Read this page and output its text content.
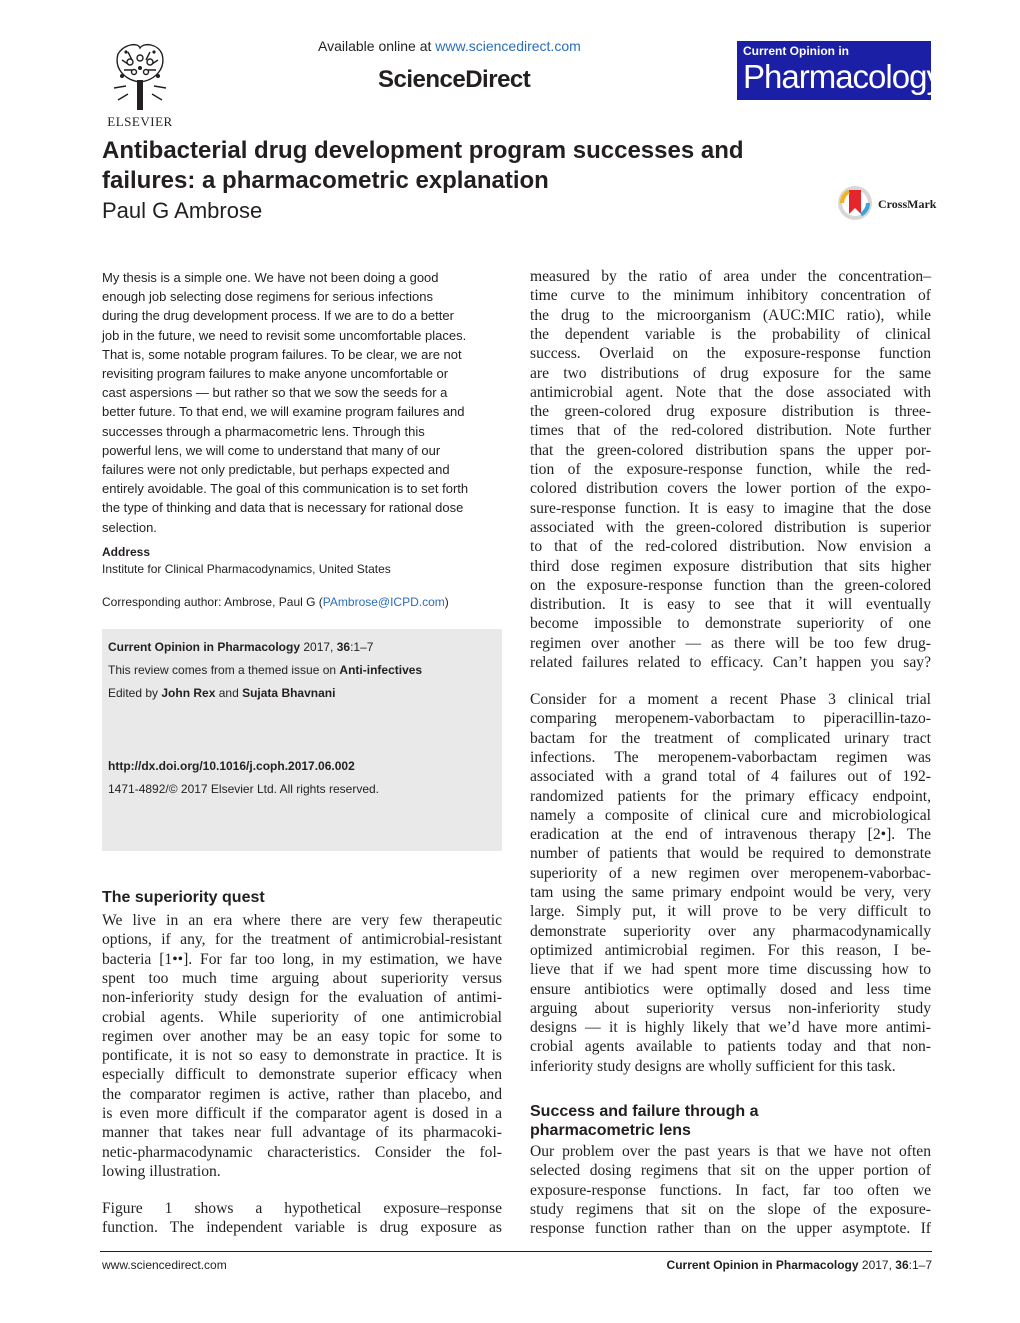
ELSEVIER
Available online at www.sciencedirect.com
ScienceDirect
Current Opinion in
Pharmacology
Antibacterial drug development program successes and
failures: a pharmacometric explanation
Paul G Ambrose	CrossMark
My thesis is a simple one. We have not been doing a good
enough job selecting dose regimens for serious infections
during the drug development process. If we are to do a better
job in the future, we need to revisit some uncomfortable places.
That is, some notable program failures. To be clear, we are not
revisiting program failures to make anyone uncomfortable or
cast aspersions — but rather so that we sow the seeds for a
better future. To that end, we will examine program failures and
successes through a pharmacometric lens. Through this
powerful lens, we will come to understand that many of our
failures were not only predictable, but perhaps expected and
entirely avoidable. The goal of this communication is to set forth
the type of thinking and data that is necessary for rational dose
selection.
Address
Institute for Clinical Pharmacodynamics, United States
Corresponding author: Ambrose, Paul G (PAmbrose@ICPD.com)
Current Opinion in Pharmacology 2017, 36:1–7
This review comes from a themed issue on Anti-infectives
Edited by John Rex and Sujata Bhavnani
http://dx.doi.org/10.1016/j.coph.2017.06.002
1471-4892/© 2017 Elsevier Ltd. All rights reserved.
The superiority quest
We live in an era where there are very few therapeutic
options, if any, for the treatment of antimicrobial-resistant
bacteria [1••]. For far too long, in my estimation, we have
spent too much time arguing about superiority versus
non-inferiority study design for the evaluation of antimi-
crobial agents. While superiority of one antimicrobial
regimen over another may be an easy topic for some to
pontificate, it is not so easy to demonstrate in practice. It is
especially difficult to demonstrate superior efficacy when
the comparator regimen is active, rather than placebo, and
is even more difficult if the comparator agent is dosed in a
manner that takes near full advantage of its pharmacoki-
netic-pharmacodynamic characteristics. Consider the fol-
lowing illustration.
Figure 1 shows a hypothetical exposure–response
function. The independent variable is drug exposure as
measured by the ratio of area under the concentration–
time curve to the minimum inhibitory concentration of
the drug to the microorganism (AUC:MIC ratio), while
the dependent variable is the probability of clinical
success. Overlaid on the exposure-response function
are two distributions of drug exposure for the same
antimicrobial agent. Note that the dose associated with
the green-colored drug exposure distribution is three-
times that of the red-colored distribution. Note further
that the green-colored distribution spans the upper por-
tion of the exposure-response function, while the red-
colored distribution covers the lower portion of the expo-
sure-response function. It is easy to imagine that the dose
associated with the green-colored distribution is superior
to that of the red-colored distribution. Now envision a
third dose regimen exposure distribution that sits higher
on the exposure-response function than the green-colored
distribution. It is easy to see that it will eventually
become impossible to demonstrate superiority of one
regimen over another — as there will be too few drug-
related failures related to efficacy. Can’t happen you say?
Consider for a moment a recent Phase 3 clinical trial
comparing meropenem-vaborbactam to piperacillin-tazo-
bactam for the treatment of complicated urinary tract
infections. The meropenem-vaborbactam regimen was
associated with a grand total of 4 failures out of 192-
randomized patients for the primary efficacy endpoint,
namely a composite of clinical cure and microbiological
eradication at the end of intravenous therapy [2•]. The
number of patients that would be required to demonstrate
superiority of a new regimen over meropenem-vaborbac-
tam using the same primary endpoint would be very, very
large. Simply put, it will prove to be very difficult to
demonstrate superiority over any pharmacodynamically
optimized antimicrobial regimen. For this reason, I be-
lieve that if we had spent more time discussing how to
ensure antibiotics were optimally dosed and less time
arguing about superiority versus non-inferiority study
designs — it is highly likely that we’d have more antimi-
crobial agents available to patients today and that non-
inferiority study designs are wholly sufficient for this task.
Success and failure through a
pharmacometric lens
Our problem over the past years is that we have not often
selected dosing regimens that sit on the upper portion of
exposure-response functions. In fact, far too often we
study regimens that sit on the slope of the exposure-
response function rather than on the upper asymptote. If
www.sciencedirect.com	Current Opinion in Pharmacology 2017, 36:1–7
